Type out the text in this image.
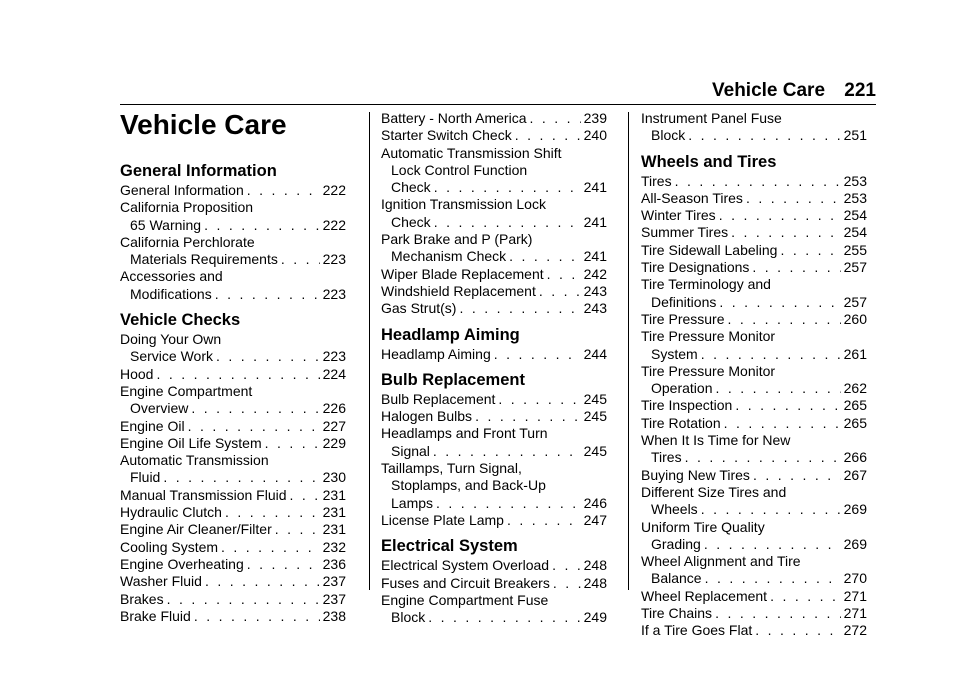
Vehicle Care 221
Vehicle Care
General Information
General Information . . .	222
California Proposition
65 Warning . . .	222
California Perchlorate
Materials Requirements . . .	223
Accessories and
Modifications . . .	223
Vehicle Checks
Doing Your Own
Service Work . . .	223
Hood . . .	224
Engine Compartment
Overview . . .	226
Engine Oil . . .	227
Engine Oil Life System . . .	229
Automatic Transmission
Fluid . . .	230
Manual Transmission Fluid . . .	231
Hydraulic Clutch . . .	231
Engine Air Cleaner/Filter . . .	231
Cooling System . . .	232
Engine Overheating . . .	236
Washer Fluid . . .	237
Brakes . . .	237
Brake Fluid . . .	238
Battery - North America . . .	239
Starter Switch Check . . .	240
Automatic Transmission Shift
Lock Control Function
Check . . .	241
Ignition Transmission Lock
Check . . .	241
Park Brake and P (Park)
Mechanism Check . . .	241
Wiper Blade Replacement . . .	242
Windshield Replacement . . .	243
Gas Strut(s) . . .	243
Headlamp Aiming
Headlamp Aiming . . .	244
Bulb Replacement
Bulb Replacement . . .	245
Halogen Bulbs . . .	245
Headlamps and Front Turn
Signal . . .	245
Taillamps, Turn Signal,
Stoplamps, and Back-Up
Lamps . . .	246
License Plate Lamp . . .	247
Electrical System
Electrical System Overload . . . 248
Fuses and Circuit Breakers . . . 248
Engine Compartment Fuse
Block . . .	249
Instrument Panel Fuse
Block . . .	251
Wheels and Tires
Tires . . .	253
All-Season Tires . . .	253
Winter Tires . . .	254
Summer Tires . . .	254
Tire Sidewall Labeling . . .	255
Tire Designations . . .	257
Tire Terminology and
Definitions . . .	257
Tire Pressure . . .	260
Tire Pressure Monitor
System . . .	261
Tire Pressure Monitor
Operation . . .	262
Tire Inspection . . .	265
Tire Rotation . . .	265
When It Is Time for New
Tires . . .	266
Buying New Tires . . .	267
Different Size Tires and
Wheels . . .	269
Uniform Tire Quality
Grading . . .	269
Wheel Alignment and Tire
Balance . . .	270
Wheel Replacement . . .	271
Tire Chains . . .	271
If a Tire Goes Flat . . .	272
